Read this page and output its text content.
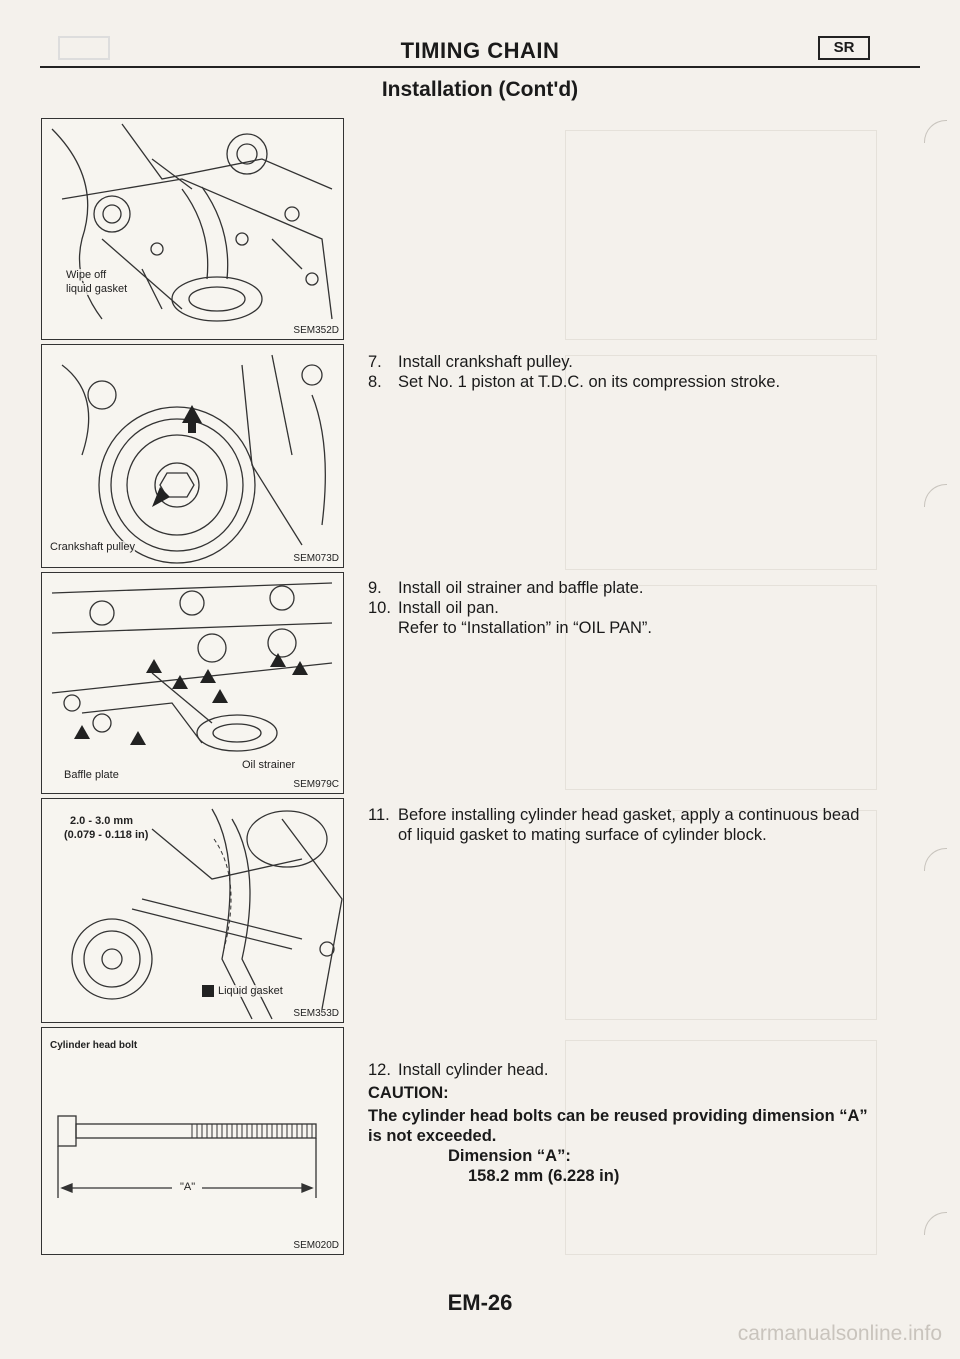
TIMING CHAIN	SR
Installation (Cont'd)
Wipe off
liquid gasket
SEM352D
Crankshaft pulley
SEM073D
Oil strainer
Baffle plate
SEM979C
2.0 - 3.0 mm
(0.079 - 0.118 in)
Liquid gasket
SEM353D
Cylinder head bolt
"A"
SEM020D
7. Install crankshaft pulley.
8. Set No. 1 piston at T.D.C. on its compression stroke.
9. Install oil strainer and baffle plate.
10. Install oil pan.
Refer to “Installation” in “OIL PAN”.
11. Before installing cylinder head gasket, apply a continuous bead of liquid gasket to mating surface of cylinder block.
12. Install cylinder head.
CAUTION:
The cylinder head bolts can be reused providing dimension “A” is not exceeded.
Dimension “A”:
158.2 mm (6.228 in)
EM-26
carmanualsonline.info
